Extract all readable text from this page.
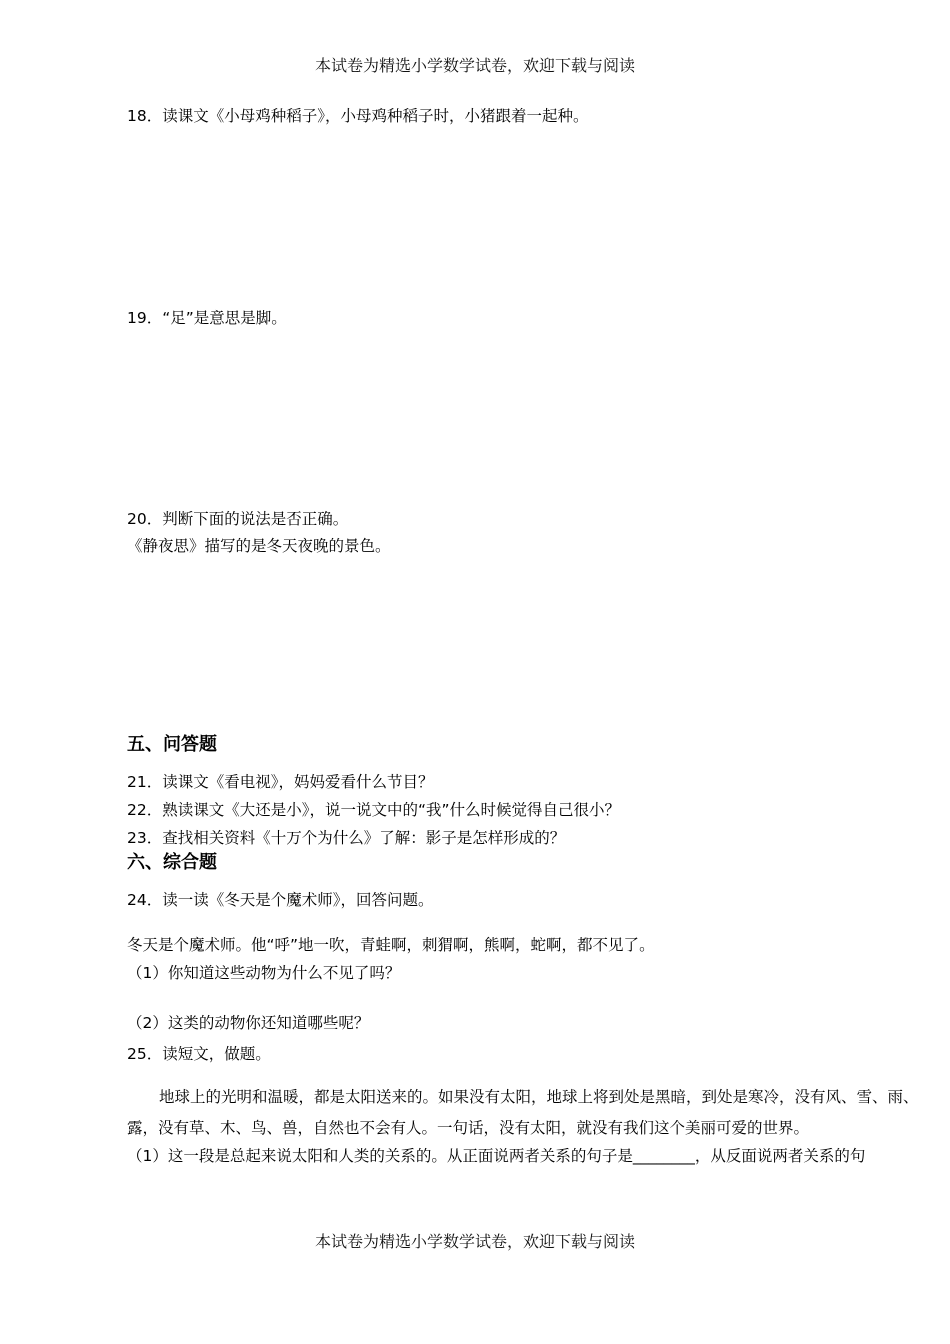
本试卷为精选小学数学试卷，欢迎下载与阅读
18．读课文《小母鸡种稻子》，小母鸡种稻子时，小猪跟着一起种。
19．“足”是意思是脚。
20．判断下面的说法是否正确。
《静夜思》描写的是冬天夜晚的景色。
五、问答题
21．读课文《看电视》，妈妈爱看什么节目？
22．熟读课文《大还是小》，说一说文中的“我”什么时候觉得自己很小？
23．查找相关资料《十万个为什么》了解：影子是怎样形成的？
六、综合题
24．读一读《冬天是个魔术师》，回答问题。
冬天是个魔术师。他“呼”地一吹，青蛙啊，刺猬啊，熊啊，蛇啊，都不见了。
（1）你知道这些动物为什么不见了吗？
（2）这类的动物你还知道哪些呢？
25．读短文，做题。
地球上的光明和温暖，都是太阳送来的。如果没有太阳，地球上将到处是黑暗，到处是寒冷，没有风、雪、雨、露，没有草、木、鸟、兽，自然也不会有人。一句话，没有太阳，就没有我们这个美丽可爱的世界。
（1）这一段是总起来说太阳和人类的关系的。从正面说两者关系的句子是________，从反面说两者关系的句
本试卷为精选小学数学试卷，欢迎下载与阅读
